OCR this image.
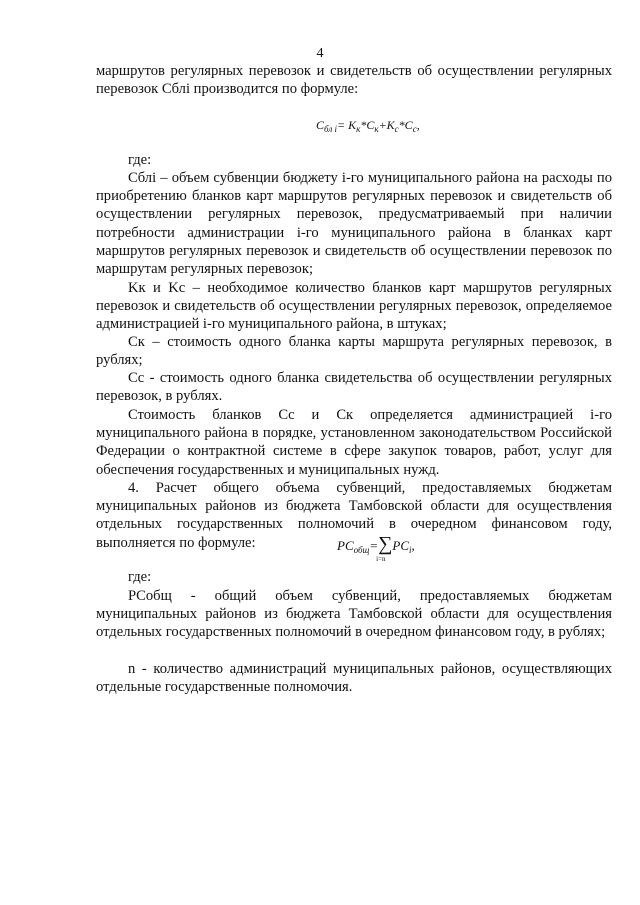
4
маршрутов регулярных перевозок и свидетельств об осуществлении регулярных перевозок Cблi производится по формуле:
$C_{бл i}= K_к*C_к+K_c*C_c$,
где:
Cблi – объем субвенции бюджету i-го муниципального района на расходы по приобретению бланков карт маршрутов регулярных перевозок и свидетельств об осуществлении регулярных перевозок, предусматриваемый при наличии потребности администрации i-го муниципального района в бланках карт маршрутов регулярных перевозок и свидетельств об осуществлении перевозок по маршрутам регулярных перевозок;
Kк и Kc – необходимое количество бланков карт маршрутов регулярных перевозок и свидетельств об осуществлении регулярных перевозок, определяемое администрацией i-го муниципального района, в штуках;
Cк – стоимость одного бланка карты маршрута регулярных перевозок, в рублях;
Cc - стоимость одного бланка свидетельства об осуществлении регулярных перевозок, в рублях.
Стоимость бланков Cc и Cк определяется администрацией i-го муниципального района в порядке, установленном законодательством Российской Федерации о контрактной системе в сфере закупок товаров, работ, услуг для обеспечения государственных и муниципальных нужд.
4. Расчет общего объема субвенций, предоставляемых бюджетам муниципальных районов из бюджета Тамбовской области для осуществления отдельных государственных полномочий в очередном финансовом году, выполняется по формуле:	$PC_{общ}=\sum$
i=n
$PC_i$,
где:
PCобщ - общий объем субвенций, предоставляемых бюджетам муниципальных районов из бюджета Тамбовской области для осуществления отдельных государственных полномочий в очередном финансовом году, в рублях;
n - количество администраций муниципальных районов, осуществляющих отдельные государственные полномочия.
